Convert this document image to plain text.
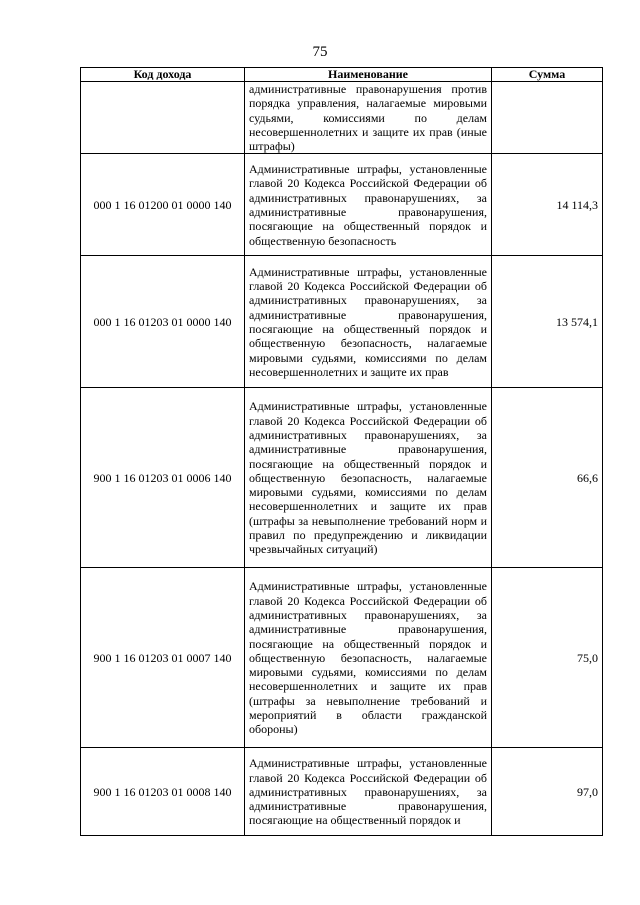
75
Код дохода	Наименование	Сумма
	административные правонарушения против порядка управления, налагаемые мировыми судьями, комиссиями по делам несовершеннолетних и защите их прав (иные штрафы)	
000 1 16 01200 01 0000 140	Административные штрафы, установленные главой 20 Кодекса Российской Федерации об административных правонарушениях, за административные правонарушения, посягающие на общественный порядок и общественную безопасность	14 114,3
000 1 16 01203 01 0000 140	Административные штрафы, установленные главой 20 Кодекса Российской Федерации об административных правонарушениях, за административные правонарушения, посягающие на общественный порядок и общественную безопасность, налагаемые мировыми судьями, комиссиями по делам несовершеннолетних и защите их прав	13 574,1
900 1 16 01203 01 0006 140	Административные штрафы, установленные главой 20 Кодекса Российской Федерации об административных правонарушениях, за административные правонарушения, посягающие на общественный порядок и общественную безопасность, налагаемые мировыми судьями, комиссиями по делам несовершеннолетних и защите их прав (штрафы за невыполнение требований норм и правил по предупреждению и ликвидации чрезвычайных ситуаций)	66,6
900 1 16 01203 01 0007 140	Административные штрафы, установленные главой 20 Кодекса Российской Федерации об административных правонарушениях, за административные правонарушения, посягающие на общественный порядок и общественную безопасность, налагаемые мировыми судьями, комиссиями по делам несовершеннолетних и защите их прав (штрафы за невыполнение требований и мероприятий в области гражданской обороны)	75,0
900 1 16 01203 01 0008 140	Административные штрафы, установленные главой 20 Кодекса Российской Федерации об административных правонарушениях, за административные правонарушения, посягающие на общественный порядок и	97,0
